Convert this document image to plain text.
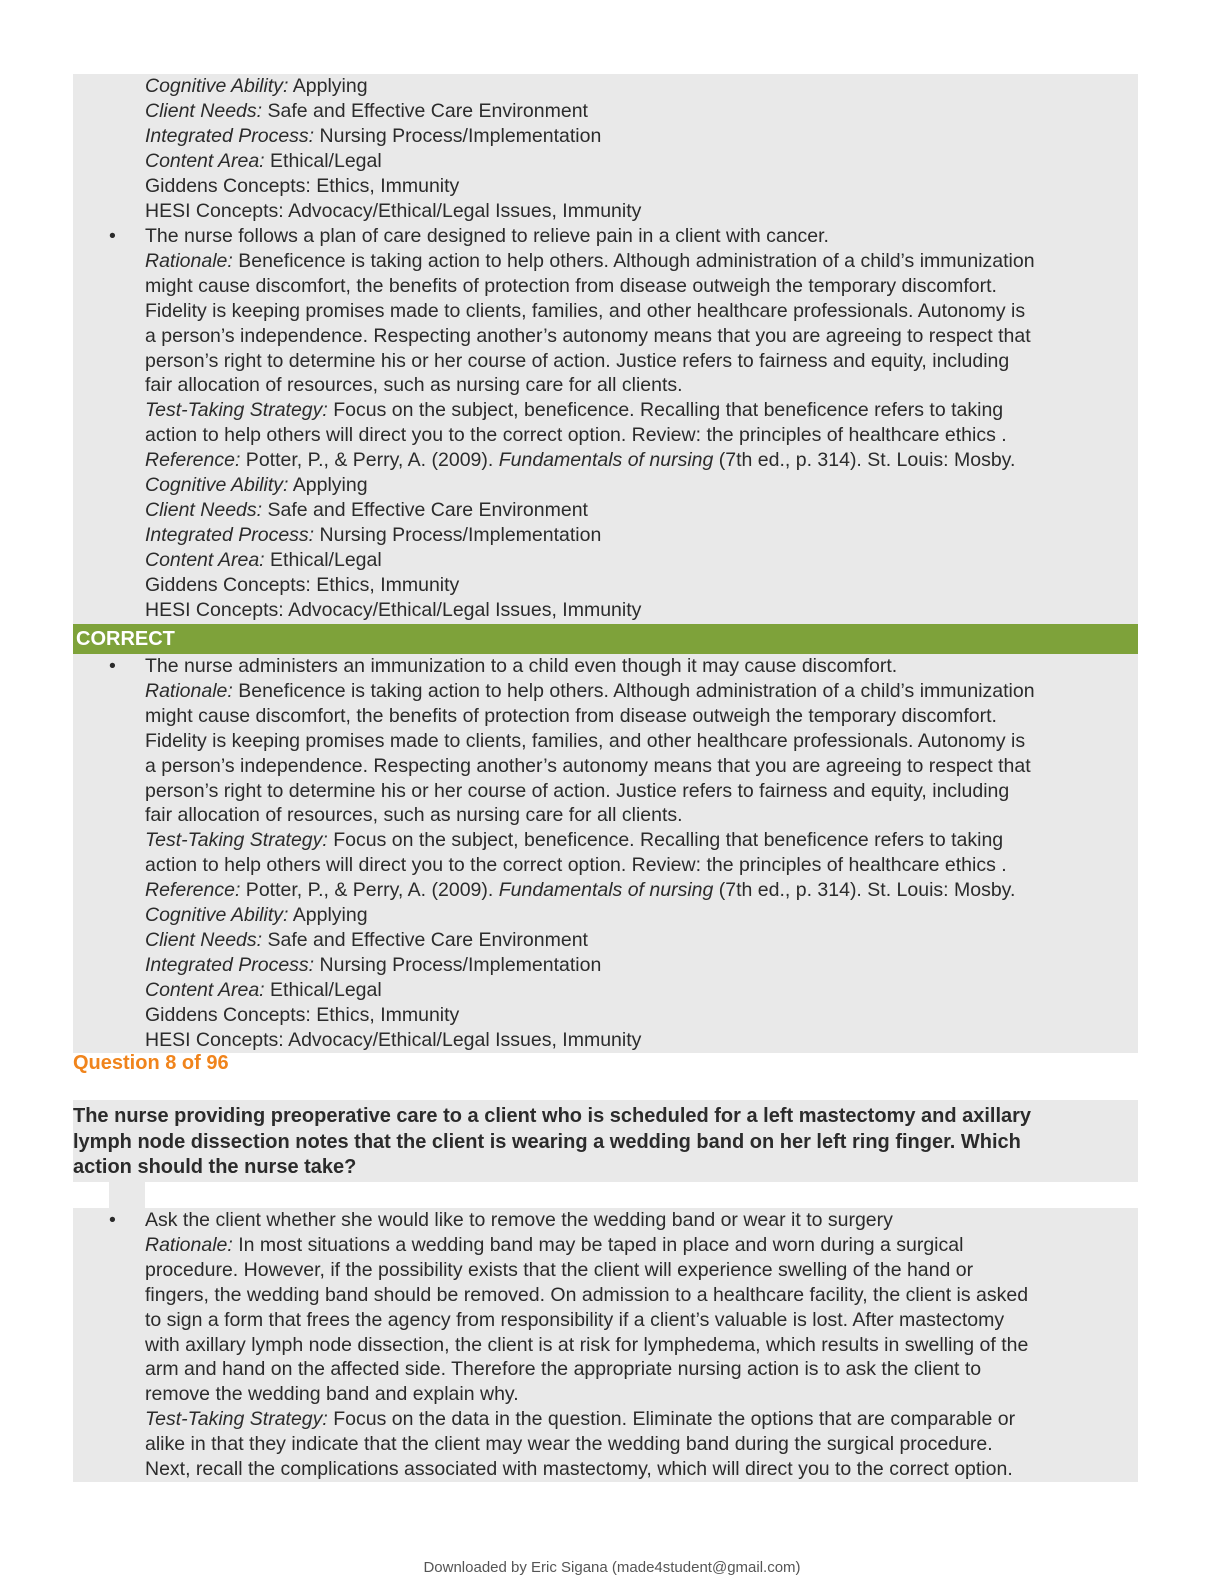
Cognitive Ability: Applying
Client Needs: Safe and Effective Care Environment
Integrated Process: Nursing Process/Implementation
Content Area: Ethical/Legal
Giddens Concepts: Ethics, Immunity
HESI Concepts: Advocacy/Ethical/Legal Issues, Immunity
• The nurse follows a plan of care designed to relieve pain in a client with cancer.
Rationale: Beneficence is taking action to help others. Although administration of a child’s immunization
might cause discomfort, the benefits of protection from disease outweigh the temporary discomfort.
Fidelity is keeping promises made to clients, families, and other healthcare professionals. Autonomy is
a person’s independence. Respecting another’s autonomy means that you are agreeing to respect that
person’s right to determine his or her course of action. Justice refers to fairness and equity, including
fair allocation of resources, such as nursing care for all clients.
Test-Taking Strategy: Focus on the subject, beneficence. Recalling that beneficence refers to taking
action to help others will direct you to the correct option. Review: the principles of healthcare ethics .
Reference: Potter, P., & Perry, A. (2009). Fundamentals of nursing (7th ed., p. 314). St. Louis: Mosby.
Cognitive Ability: Applying
Client Needs: Safe and Effective Care Environment
Integrated Process: Nursing Process/Implementation
Content Area: Ethical/Legal
Giddens Concepts: Ethics, Immunity
HESI Concepts: Advocacy/Ethical/Legal Issues, Immunity
CORRECT
• The nurse administers an immunization to a child even though it may cause discomfort.
Rationale: Beneficence is taking action to help others. Although administration of a child’s immunization
might cause discomfort, the benefits of protection from disease outweigh the temporary discomfort.
Fidelity is keeping promises made to clients, families, and other healthcare professionals. Autonomy is
a person’s independence. Respecting another’s autonomy means that you are agreeing to respect that
person’s right to determine his or her course of action. Justice refers to fairness and equity, including
fair allocation of resources, such as nursing care for all clients.
Test-Taking Strategy: Focus on the subject, beneficence. Recalling that beneficence refers to taking
action to help others will direct you to the correct option. Review: the principles of healthcare ethics .
Reference: Potter, P., & Perry, A. (2009). Fundamentals of nursing (7th ed., p. 314). St. Louis: Mosby.
Cognitive Ability: Applying
Client Needs: Safe and Effective Care Environment
Integrated Process: Nursing Process/Implementation
Content Area: Ethical/Legal
Giddens Concepts: Ethics, Immunity
HESI Concepts: Advocacy/Ethical/Legal Issues, Immunity
Question 8 of 96
The nurse providing preoperative care to a client who is scheduled for a left mastectomy and axillary
lymph node dissection notes that the client is wearing a wedding band on her left ring finger. Which
action should the nurse take?
• Ask the client whether she would like to remove the wedding band or wear it to surgery
Rationale: In most situations a wedding band may be taped in place and worn during a surgical
procedure. However, if the possibility exists that the client will experience swelling of the hand or
fingers, the wedding band should be removed. On admission to a healthcare facility, the client is asked
to sign a form that frees the agency from responsibility if a client’s valuable is lost. After mastectomy
with axillary lymph node dissection, the client is at risk for lymphedema, which results in swelling of the
arm and hand on the affected side. Therefore the appropriate nursing action is to ask the client to
remove the wedding band and explain why.
Test-Taking Strategy: Focus on the data in the question. Eliminate the options that are comparable or
alike in that they indicate that the client may wear the wedding band during the surgical procedure.
Next, recall the complications associated with mastectomy, which will direct you to the correct option.
Downloaded by Eric Sigana (made4student@gmail.com)
